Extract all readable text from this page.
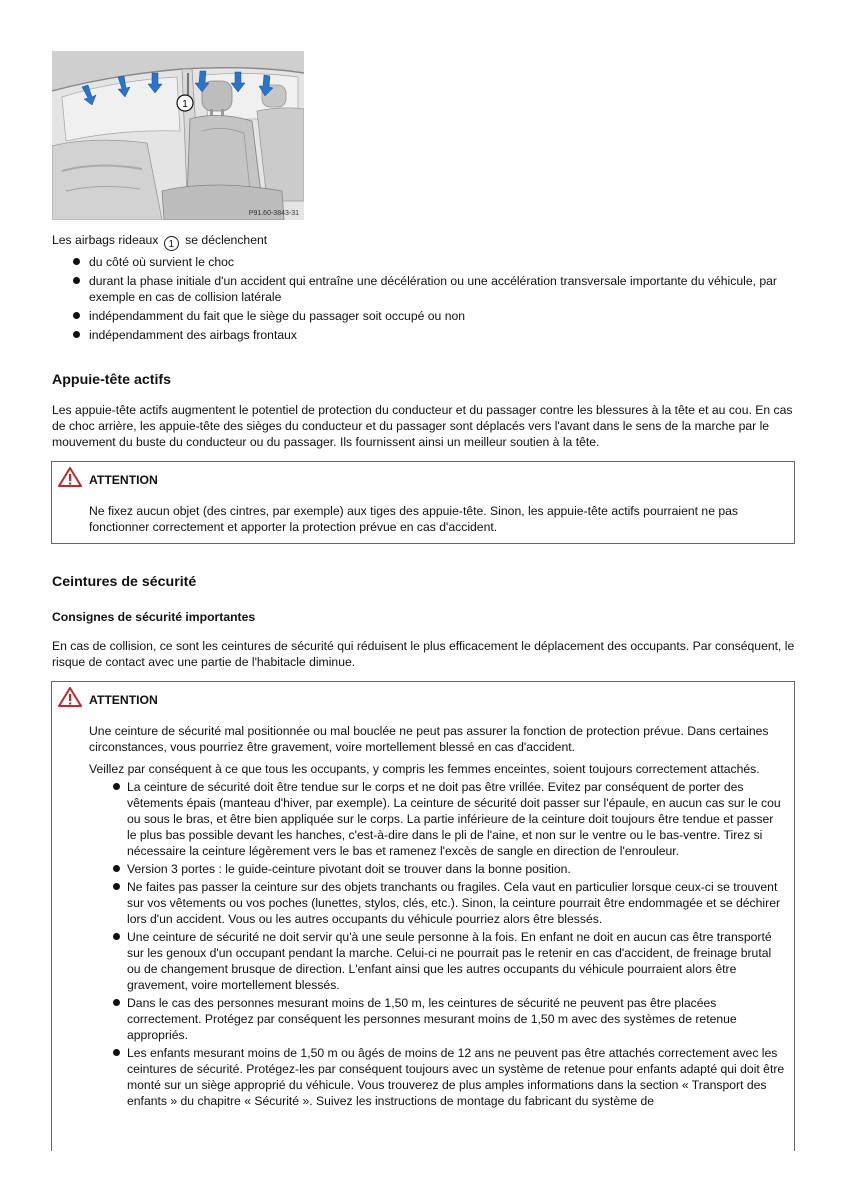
1
P91.60-3843-31
Les airbags rideaux 1 se déclenchent
du côté où survient le choc
durant la phase initiale d'un accident qui entraîne une décélération ou une accélération transversale importante du véhicule, par exemple en cas de collision latérale
indépendamment du fait que le siège du passager soit occupé ou non
indépendamment des airbags frontaux
Appuie-tête actifs

Les appuie-tête actifs augmentent le potentiel de protection du conducteur et du passager contre les blessures à la tête et au cou. En cas de choc arrière, les appuie-tête des sièges du conducteur et du passager sont déplacés vers l'avant dans le sens de la marche par le mouvement du buste du conducteur ou du passager. Ils fournissent ainsi un meilleur soutien à la tête.

ATTENTION

Ne fixez aucun objet (des cintres, par exemple) aux tiges des appuie-tête. Sinon, les appuie-tête actifs pourraient ne pas fonctionner correctement et apporter la protection prévue en cas d'accident.

Ceintures de sécurité
Consignes de sécurité importantes

En cas de collision, ce sont les ceintures de sécurité qui réduisent le plus efficacement le déplacement des occupants. Par conséquent, le risque de contact avec une partie de l'habitacle diminue.

ATTENTION

Une ceinture de sécurité mal positionnée ou mal bouclée ne peut pas assurer la fonction de protection prévue. Dans certaines circonstances, vous pourriez être gravement, voire mortellement blessé en cas d'accident.

Veillez par conséquent à ce que tous les occupants, y compris les femmes enceintes, soient toujours correctement attachés.

La ceinture de sécurité doit être tendue sur le corps et ne doit pas être vrillée. Evitez par conséquent de porter des vêtements épais (manteau d'hiver, par exemple). La ceinture de sécurité doit passer sur l'épaule, en aucun cas sur le cou ou sous le bras, et être bien appliquée sur le corps. La partie inférieure de la ceinture doit toujours être tendue et passer le plus bas possible devant les hanches, c'est-à-dire dans le pli de l'aine, et non sur le ventre ou le bas-ventre. Tirez si nécessaire la ceinture légèrement vers le bas et ramenez l'excès de sangle en direction de l'enrouleur.
Version 3 portes : le guide-ceinture pivotant doit se trouver dans la bonne position.
Ne faites pas passer la ceinture sur des objets tranchants ou fragiles. Cela vaut en particulier lorsque ceux-ci se trouvent sur vos vêtements ou vos poches (lunettes, stylos, clés, etc.). Sinon, la ceinture pourrait être endommagée et se déchirer lors d'un accident. Vous ou les autres occupants du véhicule pourriez alors être blessés.
Une ceinture de sécurité ne doit servir qu'à une seule personne à la fois. En enfant ne doit en aucun cas être transporté sur les genoux d'un occupant pendant la marche. Celui-ci ne pourrait pas le retenir en cas d'accident, de freinage brutal ou de changement brusque de direction. L'enfant ainsi que les autres occupants du véhicule pourraient alors être gravement, voire mortellement blessés.
Dans le cas des personnes mesurant moins de 1,50 m, les ceintures de sécurité ne peuvent pas être placées correctement. Protégez par conséquent les personnes mesurant moins de 1,50 m avec des systèmes de retenue appropriés.
Les enfants mesurant moins de 1,50 m ou âgés de moins de 12 ans ne peuvent pas être attachés correctement avec les ceintures de sécurité. Protégez-les par conséquent toujours avec un système de retenue pour enfants adapté qui doit être monté sur un siège approprié du véhicule. Vous trouverez de plus amples informations dans la section « Transport des enfants » du chapitre « Sécurité ». Suivez les instructions de montage du fabricant du système de
